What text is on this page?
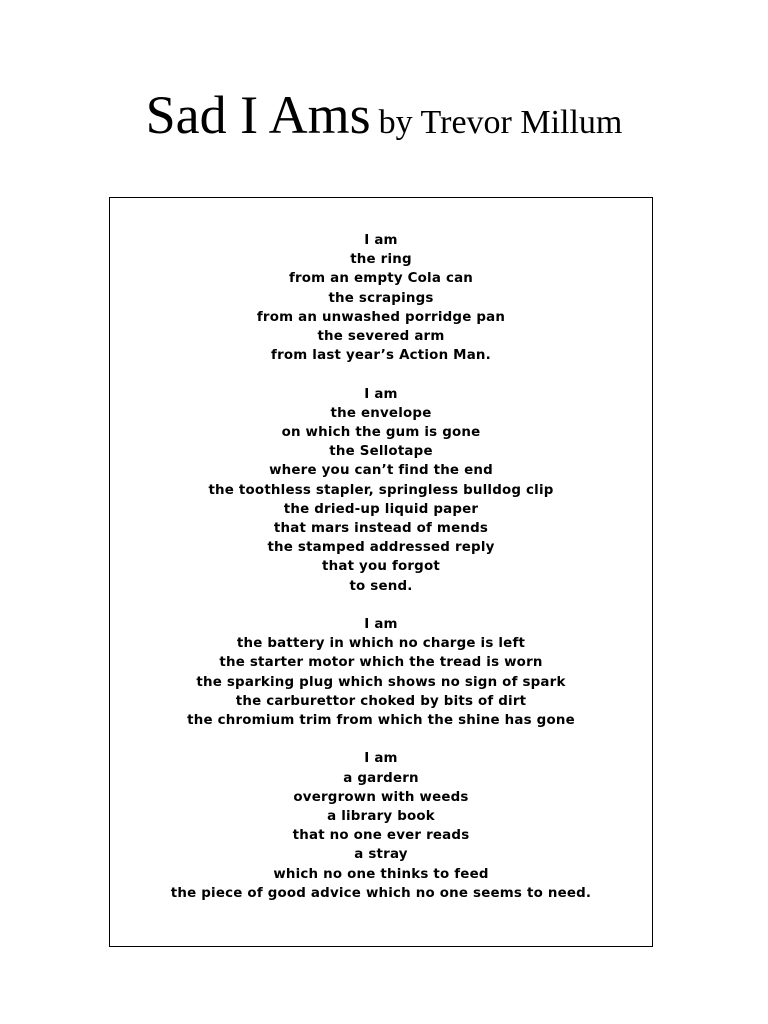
Sad I Ams by Trevor Millum
I am
the ring
from an empty Cola can
the scrapings
from an unwashed porridge pan
the severed arm
from last year’s Action Man.
I am
the envelope
on which the gum is gone
the Sellotape
where you can’t find the end
the toothless stapler, springless bulldog clip
the dried-up liquid paper
that mars instead of mends
the stamped addressed reply
that you forgot
to send.
I am
the battery in which no charge is left
the starter motor which the tread is worn
the sparking plug which shows no sign of spark
the carburettor choked by bits of dirt
the chromium trim from which the shine has gone
I am
a gardern
overgrown with weeds
a library book
that no one ever reads
a stray
which no one thinks to feed
the piece of good advice which no one seems to need.
